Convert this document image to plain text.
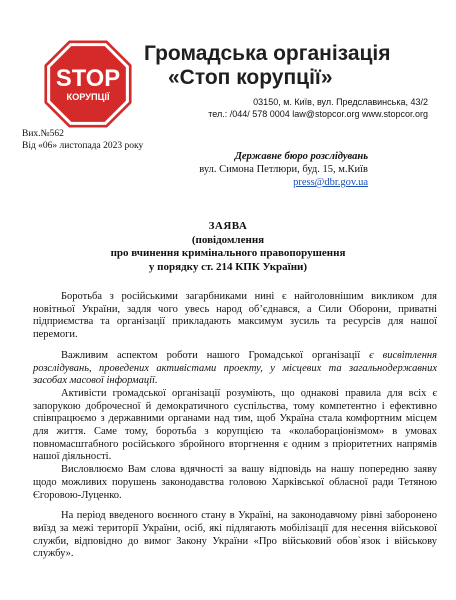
STOP
КОРУПЦІЇ
Громадська організація
«Стоп корупції»
03150, м. Київ, вул. Предславинська, 43/2
тел.: /044/ 578 0004 law@stopcor.org www.stopcor.org
Вих.№562
Від «06» листопада 2023 року
Державне бюро розслідувань
вул. Симона Петлюри, буд. 15, м.Київ
press@dbr.gov.ua
ЗАЯВА
(повідомлення
про вчинення кримінального правопорушення
у порядку ст. 214 КПК України)

Боротьба з російськими загарбниками нині є найголовнішим викликом для новітньої України, задля чого увесь народ об’єднався, а Сили Оборони, приватні підприємства та організації прикладають максимум зусиль та ресурсів для нашої перемоги.

Важливим аспектом роботи нашого Громадської організації є висвітлення розслідувань, проведених активістами проекту, у місцевих та загальнодержавних засобах масової інформації.

Активісти громадської організації розуміють, що однакові правила для всіх є запорукою доброчесної й демократичного суспільства, тому компетентно і ефективно співпрацюємо з державними органами над тим, щоб Україна стала комфортним місцем для життя. Саме тому, боротьба з корупцією та «колабораціонізмом» в умовах повномасштабного російського збройного вторгнення є одним з пріоритетних напрямів нашої діяльності.

Висловлюємо Вам слова вдячності за вашу відповідь на нашу попередню заяву щодо можливих порушень законодавства головою Харківської обласної ради Тетяною Єгоровою-Луценко.

На період введеного воєнного стану в Україні, на законодавчому рівні заборонено виїзд за межі території України, осіб, які підлягають мобілізації для несення військової служби, відповідно до вимог Закону України «Про військовий обов`язок і військову службу».
